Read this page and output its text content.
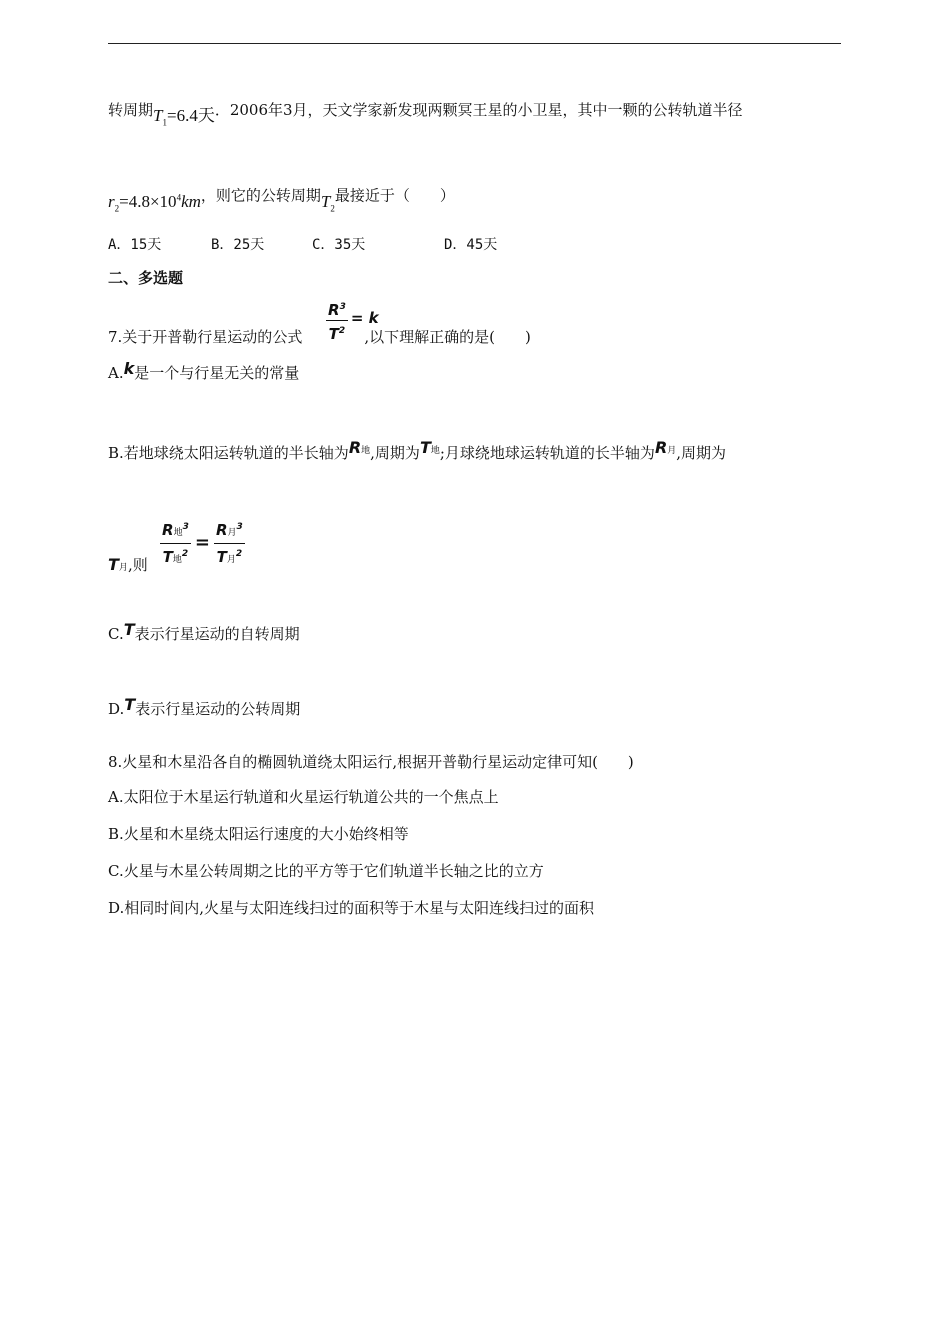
转周期$T_1=6.4$天．2006年3月，天文学家新发现两颗冥王星的小卫星，其中一颗的公转轨道半径
$r_2=4.8\times 10^4km$，则它的公转周期$T_2$最接近于（　　）
A．15天	B．25天	C．35天	D．45天
二、多选题
7.关于开普勒行星运动的公式 $\frac{R^3}{T^2} = k$
,以下理解正确的是(　　)
A.k是一个与行星无关的常量
B.若地球绕太阳运转轨道的半长轴为R地,周期为T地;月球绕地球运转轨道的长半轴为R月,周期为
T月,则 $\frac{R地^3}{T地^2} = \frac{R月^3}{T月^2}$
C.T表示行星运动的自转周期
D.T表示行星运动的公转周期
8.火星和木星沿各自的椭圆轨道绕太阳运行,根据开普勒行星运动定律可知(　　)
A.太阳位于木星运行轨道和火星运行轨道公共的一个焦点上
B.火星和木星绕太阳运行速度的大小始终相等
C.火星与木星公转周期之比的平方等于它们轨道半长轴之比的立方
D.相同时间内,火星与太阳连线扫过的面积等于木星与太阳连线扫过的面积
